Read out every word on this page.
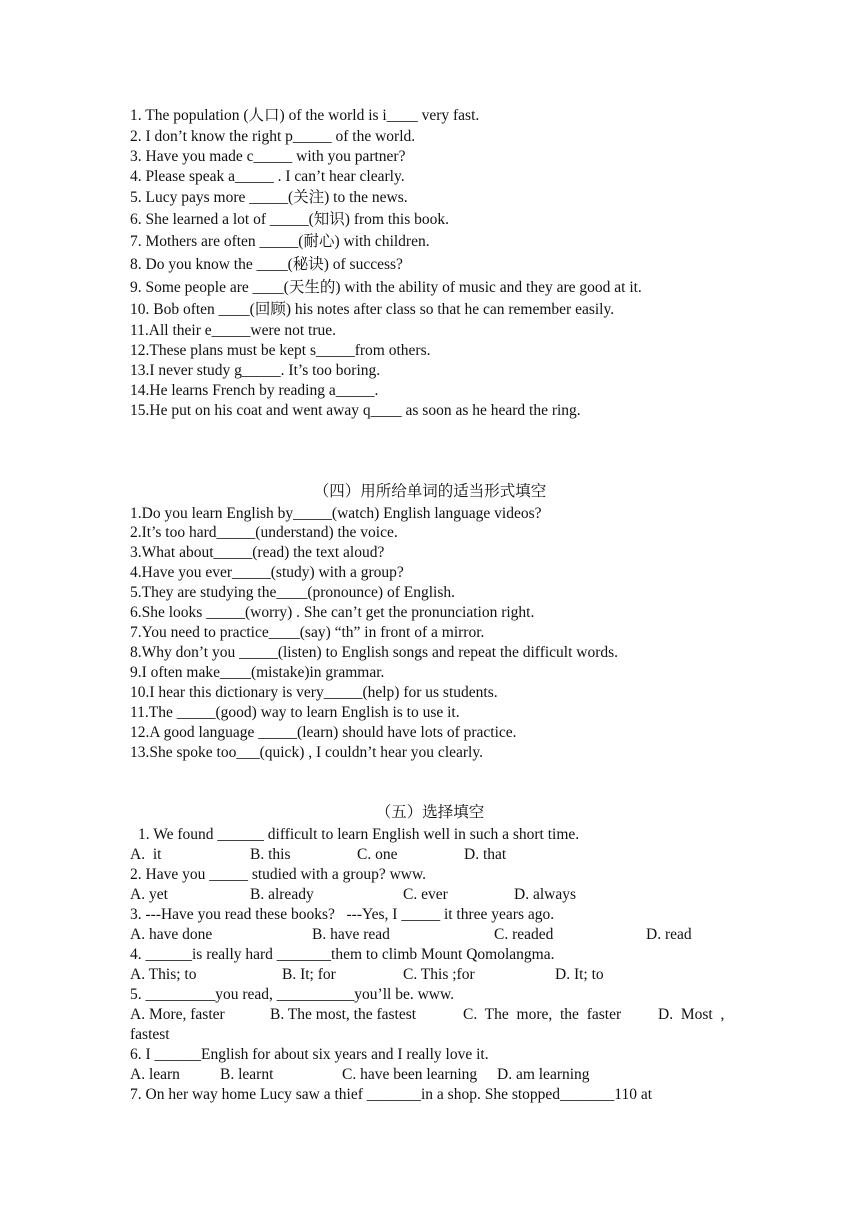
1. The population (人口) of the world is i____ very fast.
2. I don’t know the right p_____ of the world.
3. Have you made c_____ with you partner?
4. Please speak a_____ . I can’t hear clearly.
5. Lucy pays more _____(关注) to the news.
6. She learned a lot of _____(知识) from this book.
7. Mothers are often _____(耐心) with children.
8. Do you know the ____(秘诀) of success?
9. Some people are ____(天生的) with the ability of music and they are good at it.
10. Bob often ____(回顾) his notes after class so that he can remember easily.
11.All their e_____were not true.
12.These plans must be kept s_____from others.
13.I never study g_____. It’s too boring.
14.He learns French by reading a_____.
15.He put on his coat and went away q____ as soon as he heard the ring.
（四）用所给单词的适当形式填空
1.Do you learn English by_____(watch) English language videos?
2.It’s too hard_____(understand) the voice.
3.What about_____(read) the text aloud?
4.Have you ever_____(study) with a group?
5.They are studying the____(pronounce) of English.
6.She looks _____(worry) . She can’t get the pronunciation right.
7.You need to practice____(say) “th” in front of a mirror.
8.Why don’t you _____(listen) to English songs and repeat the difficult words.
9.I often make____(mistake)in grammar.
10.I hear this dictionary is very_____(help) for us students.
11.The _____(good) way to learn English is to use it.
12.A good language _____(learn) should have lots of practice.
13.She spoke too___(quick) , I couldn’t hear you clearly.
（五）选择填空
1. We found ______ difficult to learn English well in such a short time.
A.  it	B. this	C. one	D. that
2. Have you _____ studied with a group? www.
A. yet	B. already	C. ever	D. always
3. ---Have you read these books?   ---Yes, I _____ it three years ago.
A. have done	B. have read	C. readed	D. read
4. ______is really hard _______them to climb Mount Qomolangma.
A. This; to	B. It; for	C. This ;for	D. It; to
5. _________you read, __________you’ll be. www.
A. More, faster	B. The most, the fastest	C.  The  more,  the  faster D.  Most  ,
fastest
6. I ______English for about six years and I really love it.
A. learn	B. learnt	C. have been learning D. am learning
7. On her way home Lucy saw a thief _______in a shop. She stopped_______110 at
